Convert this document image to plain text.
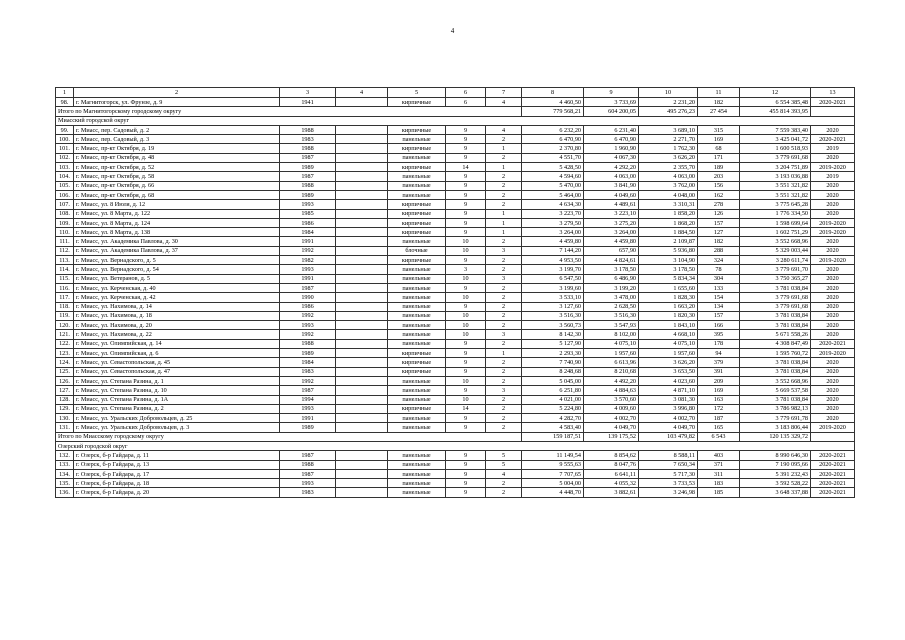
4
1	2	3	4	5	6	7	8	9	10	11	12	13
98.	г. Магнитогорск, ул. Фрунзе, д. 9	1941		кирпичные	6	4	4 460,50	3 733,69	2 231,20	182	6 554 385,48	2020-2021
Итого по Магнитогорскому городскому округу							779 568,21	604 200,05	495 276,23	27 454	455 814 393,95	
Миасский городской округ												
99.	г. Миасс, пер. Садовый, д. 2	1988		кирпичные	9	4	6 232,20	6 231,40	3 689,10	315	7 559 383,40	2020
100.	г. Миасс, пер. Садовый, д. 3	1983		панельные	9	2	6 470,90	6 470,90	2 271,70	169	3 425 041,72	2020-2021
101.	г. Миасс, пр-кт Октября, д. 19	1988		кирпичные	9	1	2 370,80	1 960,90	1 762,30	68	1 600 518,93	2019
102.	г. Миасс, пр-кт Октября, д. 48	1987		панельные	9	2	4 551,70	4 067,30	3 626,20	171	3 779 691,68	2020
103.	г. Миасс, пр-кт Октября, д. 52	1989		кирпичные	14	1	5 428,50	4 292,20	2 355,70	189	3 204 751,89	2019-2020
104.	г. Миасс, пр-кт Октября, д. 58	1987		панельные	9	2	4 594,60	4 063,00	4 063,00	203	3 193 036,88	2019
105.	г. Миасс, пр-кт Октября, д. 66	1988		панельные	9	2	5 470,00	3 841,90	3 762,00	156	3 551 321,82	2020
106.	г. Миасс, пр-кт Октября, д. 68	1989		панельные	9	2	5 464,00	4 049,60	4 048,00	162	3 551 321,82	2020
107.	г. Миасс, ул. 8 Июля, д. 12	1993		кирпичные	9	2	4 634,30	4 489,61	3 310,31	278	3 775 645,28	2020
108.	г. Миасс, ул. 8 Марта, д. 122	1985		кирпичные	9	1	3 223,70	3 223,10	1 858,20	126	1 776 334,50	2020
109.	г. Миасс, ул. 8 Марта, д. 124	1986		кирпичные	9	1	3 279,50	3 275,20	1 868,20	157	1 598 699,64	2019-2020
110.	г. Миасс, ул. 8 Марта, д. 138	1984		кирпичные	9	1	3 264,00	3 264,00	1 884,50	127	1 602 751,29	2019-2020
111.	г. Миасс, ул. Академика Павлова, д. 30	1991		панельные	10	2	4 459,80	4 459,80	2 109,87	182	3 552 668,96	2020
112.	г. Миасс, ул. Академика Павлова, д. 37	1992		блочные	10	3	7 144,20	657,90	5 936,80	288	5 329 003,44	2020
113.	г. Миасс, ул. Вернадского, д. 5	1982		кирпичные	9	2	4 953,50	4 824,61	3 104,90	324	3 280 611,74	2019-2020
114.	г. Миасс, ул. Вернадского, д. 54	1993		панельные	3	2	3 199,70	3 178,50	3 178,50	78	3 779 691,70	2020
115.	г. Миасс, ул. Ветеранов, д. 5	1991		панельные	10	3	6 547,50	6 486,90	5 834,34	304	3 750 365,27	2020
116.	г. Миасс, ул. Керченская, д. 40	1987		панельные	9	2	3 199,60	3 199,20	1 655,60	133	3 781 038,84	2020
117.	г. Миасс, ул. Керченская, д. 42	1990		панельные	10	2	3 533,10	3 478,00	1 828,30	154	3 779 691,68	2020
118.	г. Миасс, ул. Нахимова, д. 14	1986		панельные	9	2	3 127,60	2 628,50	1 663,20	134	3 779 691,68	2020
119.	г. Миасс, ул. Нахимова, д. 18	1992		панельные	10	2	3 516,30	3 516,30	1 820,30	157	3 781 038,84	2020
120.	г. Миасс, ул. Нахимова, д. 20	1993		панельные	10	2	3 560,73	3 547,93	1 843,10	166	3 781 038,84	2020
121.	г. Миасс, ул. Нахимова, д. 22	1992		панельные	10	3	8 142,30	8 102,00	4 668,10	395	5 671 558,26	2020
122.	г. Миасс, ул. Олимпийская, д. 14	1988		панельные	9	2	5 127,90	4 075,10	4 075,10	178	4 308 847,49	2020-2021
123.	г. Миасс, ул. Олимпийская, д. 6	1989		кирпичные	9	1	2 293,30	1 957,60	1 957,60	94	1 595 760,72	2019-2020
124.	г. Миасс, ул. Севастопольская, д. 45	1984		кирпичные	9	2	7 740,90	6 613,96	3 626,20	379	3 781 038,84	2020
125.	г. Миасс, ул. Севастопольская, д. 47	1983		кирпичные	9	2	8 248,68	8 210,68	3 653,50	391	3 781 038,84	2020
126.	г. Миасс, ул. Степана Разина, д. 1	1992		панельные	10	2	5 045,00	4 492,20	4 023,60	209	3 552 668,96	2020
127.	г. Миасс, ул. Степана Разина, д. 10	1987		панельные	9	3	6 251,80	4 884,63	4 871,10	169	5 669 537,58	2020
128.	г. Миасс, ул. Степана Разина, д. 1А	1994		панельные	10	2	4 021,00	3 570,60	3 081,30	163	3 781 038,84	2020
129.	г. Миасс, ул. Степана Разина, д. 2	1993		кирпичные	14	2	5 224,80	4 009,60	3 996,80	172	3 786 982,13	2020
130.	г. Миасс, ул. Уральских Добровольцев, д. 25	1991		панельные	9	2	4 282,70	4 002,70	4 002,70	187	3 779 691,78	2020
131.	г. Миасс, ул. Уральских Добровольцев, д. 3	1989		панельные	9	2	4 583,40	4 049,70	4 049,70	165	3 183 806,44	2019-2020
Итого по Миасскому городскому округу							159 187,51	139 175,52	103 479,82	6 543	120 135 329,72	
Озерский городской округ												
132.	г. Озерск, б-р Гайдара, д. 11	1987		панельные	9	5	11 149,54	8 854,62	8 588,11	403	8 990 646,30	2020-2021
133.	г. Озерск, б-р Гайдара, д. 13	1988		панельные	9	5	9 555,63	8 047,76	7 650,34	371	7 190 095,66	2020-2021
134.	г. Озерск, б-р Гайдара, д. 17	1987		панельные	9	4	7 707,65	6 641,11	5 717,30	311	5 391 232,43	2020-2021
135.	г. Озерск, б-р Гайдара, д. 18	1993		панельные	9	2	5 004,00	4 055,32	3 733,53	183	3 592 528,22	2020-2021
136.	г. Озерск, б-р Гайдара, д. 20	1983		панельные	9	2	4 448,70	3 882,61	3 246,98	185	3 648 337,88	2020-2021
